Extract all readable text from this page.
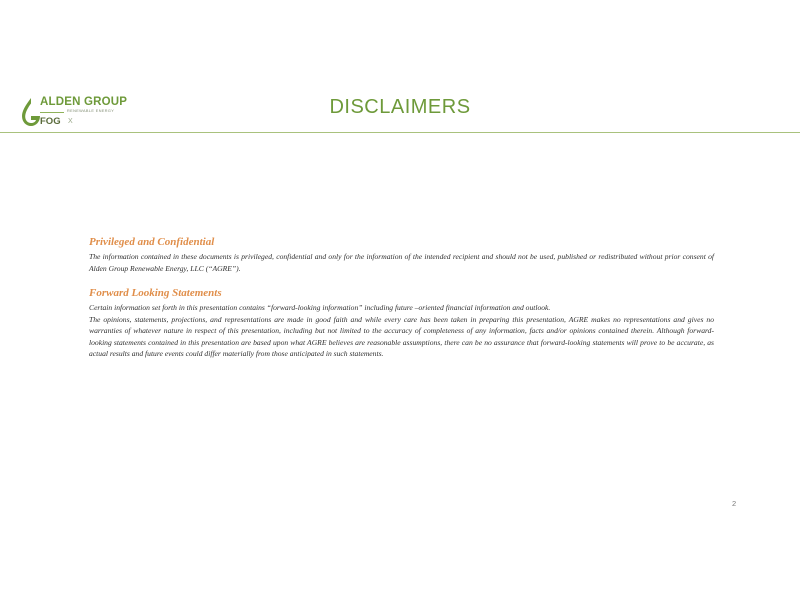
ALDEN GROUP
RENEWABLE ENERGY
FOG X
DISCLAIMERS
Privileged and Confidential

The information contained in these documents is privileged, confidential and only for the information of the intended recipient and should not be used, published or redistributed without prior consent of Alden Group Renewable Energy, LLC (“AGRE”).

Forward Looking Statements

Certain information set forth in this presentation contains “forward-looking information” including future –oriented financial information and outlook.

The opinions, statements, projections, and representations are made in good faith and while every care has been taken in preparing this presentation, AGRE makes no representations and gives no warranties of whatever nature in respect of this presentation, including but not limited to the accuracy of completeness of any information, facts and/or opinions contained therein. Although forward-looking statements contained in this presentation are based upon what AGRE believes are reasonable assumptions, there can be no assurance that forward-looking statements will prove to be accurate, as actual results and future events could differ materially from those anticipated in such statements.

2
